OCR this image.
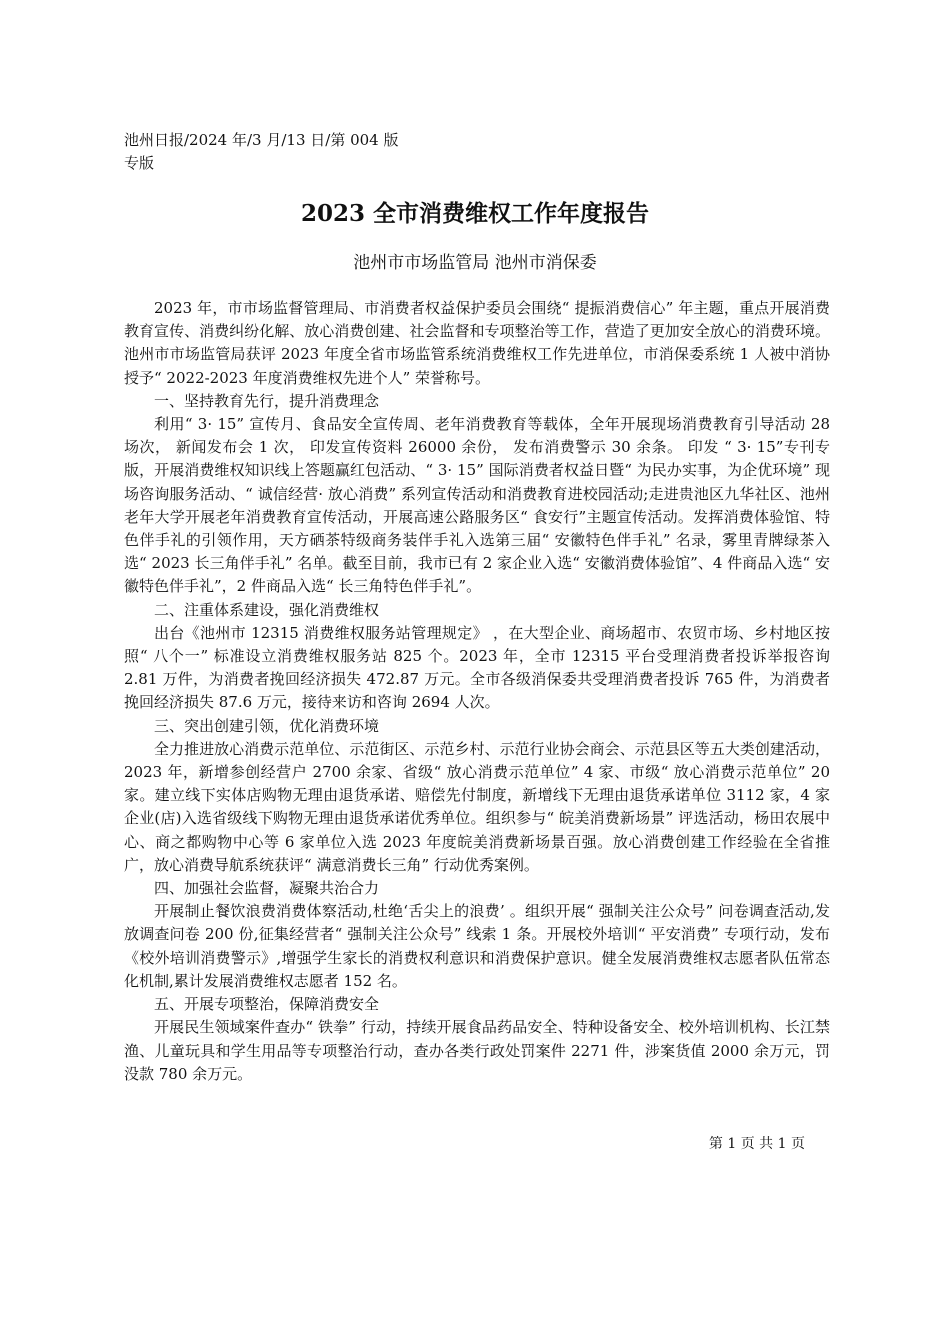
池州日报/2024 年/3 月/13 日/第 004 版专版
2023 全市消费维权工作年度报告
池州市市场监管局 池州市消保委

2023 年，市市场监督管理局、市消费者权益保护委员会围绕“ 提振消费信心” 年主题，重点开展消费教育宣传、消费纠纷化解、放心消费创建、社会监督和专项整治等工作，营造了更加安全放心的消费环境。池州市市场监管局获评 2023 年度全省市场监管系统消费维权工作先进单位，市消保委系统 1 人被中消协授予“ 2022-2023 年度消费维权先进个人” 荣誉称号。

一、坚持教育先行，提升消费理念

利用“ 3· 15” 宣传月、食品安全宣传周、老年消费教育等载体，全年开展现场消费教育引导活动 28 场次， 新闻发布会 1 次， 印发宣传资料 26000 余份， 发布消费警示 30 余条。 印发 “ 3· 15”专刊专版，开展消费维权知识线上答题赢红包活动、“ 3· 15” 国际消费者权益日暨“ 为民办实事，为企优环境” 现场咨询服务活动、“ 诚信经营· 放心消费” 系列宣传活动和消费教育进校园活动;走进贵池区九华社区、池州老年大学开展老年消费教育宣传活动，开展高速公路服务区“ 食安行”主题宣传活动。发挥消费体验馆、特色伴手礼的引领作用，天方硒茶特级商务装伴手礼入选第三届“ 安徽特色伴手礼” 名录，雾里青牌绿茶入选“ 2023 长三角伴手礼” 名单。截至目前，我市已有 2 家企业入选“ 安徽消费体验馆”、4 件商品入选“ 安徽特色伴手礼”，2 件商品入选“ 长三角特色伴手礼”。

二、注重体系建设，强化消费维权

出台《池州市 12315 消费维权服务站管理规定》 ，在大型企业、商场超市、农贸市场、乡村地区按照“ 八个一” 标准设立消费维权服务站 825 个。2023 年，全市 12315 平台受理消费者投诉举报咨询 2.81 万件，为消费者挽回经济损失 472.87 万元。全市各级消保委共受理消费者投诉 765 件，为消费者挽回经济损失 87.6 万元，接待来访和咨询 2694 人次。

三、突出创建引领，优化消费环境

全力推进放心消费示范单位、示范街区、示范乡村、示范行业协会商会、示范县区等五大类创建活动，2023 年，新增参创经营户 2700 余家、省级“ 放心消费示范单位” 4 家、市级“ 放心消费示范单位” 20 家。建立线下实体店购物无理由退货承诺、赔偿先付制度，新增线下无理由退货承诺单位 3112 家，4 家企业(店)入选省级线下购物无理由退货承诺优秀单位。组织参与“ 皖美消费新场景” 评选活动，杨田农展中心、商之都购物中心等 6 家单位入选 2023 年度皖美消费新场景百强。放心消费创建工作经验在全省推广，放心消费导航系统获评“ 满意消费长三角” 行动优秀案例。

四、加强社会监督，凝聚共治合力

开展制止餐饮浪费消费体察活动,杜绝‘舌尖上的浪费’ 。组织开展“ 强制关注公众号” 问卷调查活动,发放调查问卷 200 份,征集经营者“ 强制关注公众号” 线索 1 条。开展校外培训“ 平安消费” 专项行动，发布《校外培训消费警示》,增强学生家长的消费权利意识和消费保护意识。健全发展消费维权志愿者队伍常态化机制,累计发展消费维权志愿者 152 名。

五、开展专项整治，保障消费安全

开展民生领域案件查办“ 铁拳” 行动，持续开展食品药品安全、特种设备安全、校外培训机构、长江禁渔、儿童玩具和学生用品等专项整治行动，查办各类行政处罚案件 2271 件，涉案货值 2000 余万元，罚没款 780 余万元。

第 1 页 共 1 页
